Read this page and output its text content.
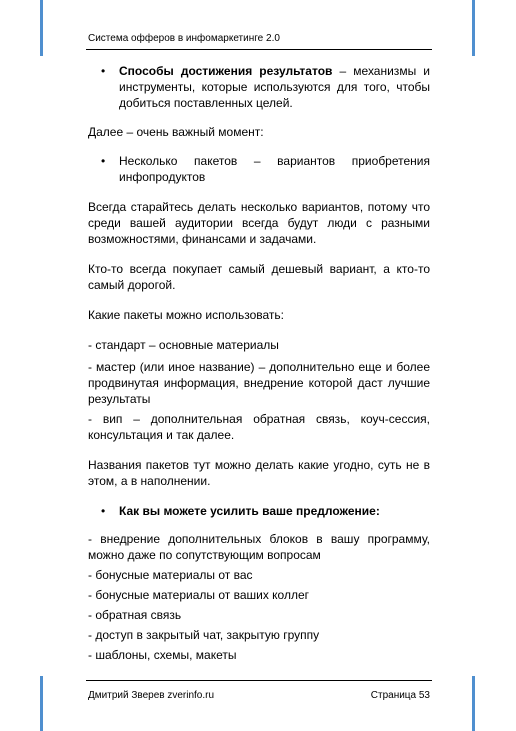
Система офферов в инфомаркетинге 2.0
• Способы достижения результатов – механизмы и инструменты, которые используются для того, чтобы добиться поставленных целей.

Далее – очень важный момент:

• Несколько пакетов – вариантов приобретения инфопродуктов

Всегда старайтесь делать несколько вариантов, потому что среди вашей аудитории всегда будут люди с разными возможностями, финансами и задачами.

Кто-то всегда покупает самый дешевый вариант, а кто-то самый дорогой.

Какие пакеты можно использовать:

- стандарт – основные материалы

- мастер (или иное название) – дополнительно еще и более продвинутая информация, внедрение которой даст лучшие результаты

- вип – дополнительная обратная связь, коуч-сессия, консультация и так далее.

Названия пакетов тут можно делать какие угодно, суть не в этом, а в наполнении.

• Как вы можете усилить ваше предложение:

- внедрение дополнительных блоков в вашу программу, можно даже по сопутствующим вопросам

- бонусные материалы от вас

- бонусные материалы от ваших коллег

- обратная связь

- доступ в закрытый чат, закрытую группу

- шаблоны, схемы, макеты

Дмитрий Зверев zverinfo.ru	Страница 53
